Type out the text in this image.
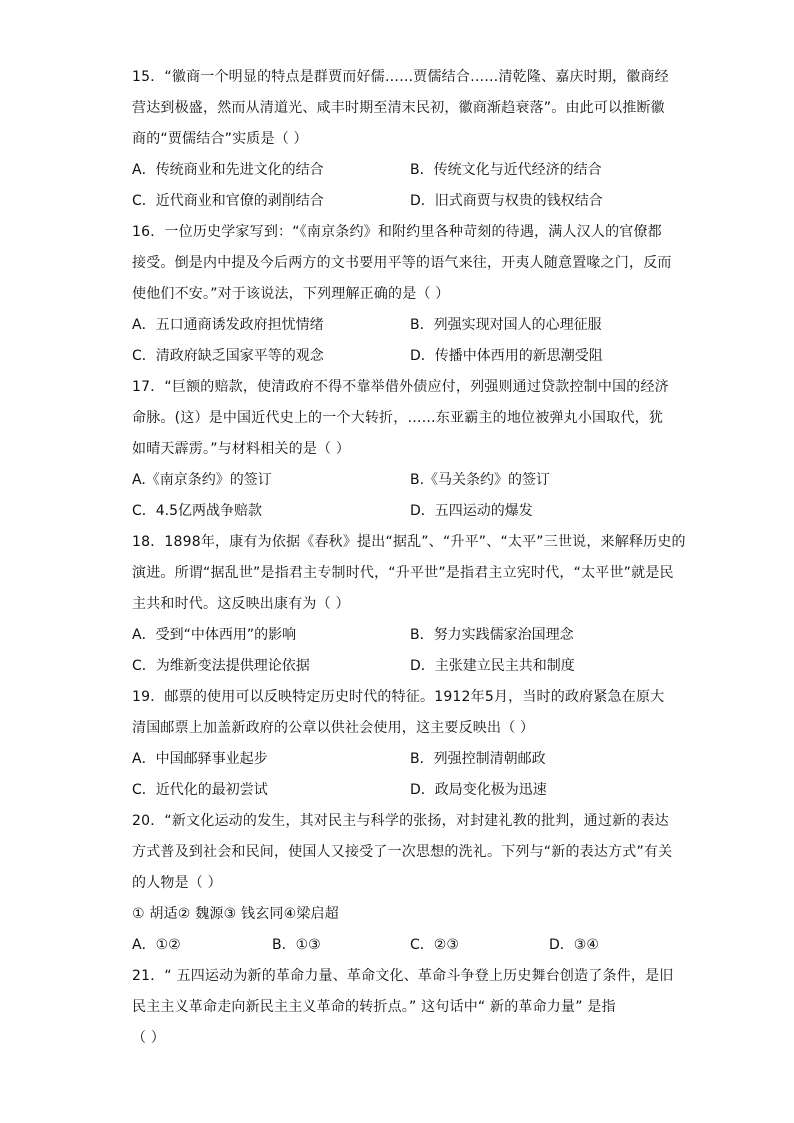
15．“徽商一个明显的特点是群贾而好儒……贾儒结合……清乾隆、嘉庆时期，徽商经
营达到极盛，然而从清道光、咸丰时期至清末民初，徽商渐趋衰落”。由此可以推断徽
商的“贾儒结合”实质是（ ）
A．传统商业和先进文化的结合	B．传统文化与近代经济的结合
C．近代商业和官僚的剥削结合	D．旧式商贾与权贵的钱权结合
16．一位历史学家写到：“《南京条约》和附约里各种苛刻的待遇，满人汉人的官僚都
接受。倒是内中提及今后两方的文书要用平等的语气来往，开夷人随意置喙之门，反而
使他们不安。”对于该说法，下列理解正确的是（ ）
A．五口通商诱发政府担忧情绪	B．列强实现对国人的心理征服
C．清政府缺乏国家平等的观念	D．传播中体西用的新思潮受阻
17．“巨额的赔款，使清政府不得不靠举借外债应付，列强则通过贷款控制中国的经济
命脉。(这）是中国近代史上的一个大转折，……东亚霸主的地位被弹丸小国取代，犹
如晴天霹雳。”与材料相关的是（ ）
A.《南京条约》的签订	B.《马关条约》的签订
C．4.5亿两战争赔款	D．五四运动的爆发
18．1898年，康有为依据《春秋》提出“据乱”、“升平”、“太平”三世说，来解释历史的
演进。所谓“据乱世”是指君主专制时代，“升平世”是指君主立宪时代，“太平世”就是民
主共和时代。这反映出康有为（ ）
A．受到“中体西用”的影响	B．努力实践儒家治国理念
C．为维新变法提供理论依据	D．主张建立民主共和制度
19．邮票的使用可以反映特定历史时代的特征。1912年5月，当时的政府紧急在原大
清国邮票上加盖新政府的公章以供社会使用，这主要反映出（ ）
A．中国邮驿事业起步	B．列强控制清朝邮政
C．近代化的最初尝试	D．政局变化极为迅速
20．“新文化运动的发生，其对民主与科学的张扬，对封建礼教的批判，通过新的表达
方式普及到社会和民间，使国人又接受了一次思想的洗礼。下列与“新的表达方式”有关
的人物是（ ）
① 胡适② 魏源③ 钱玄同④梁启超
A．①②	B．①③	C．②③	D．③④
21．“ 五四运动为新的革命力量、革命文化、革命斗争登上历史舞台创造了条件，是旧
民主主义革命走向新民主主义革命的转折点。” 这句话中“ 新的革命力量” 是指
（ ）
